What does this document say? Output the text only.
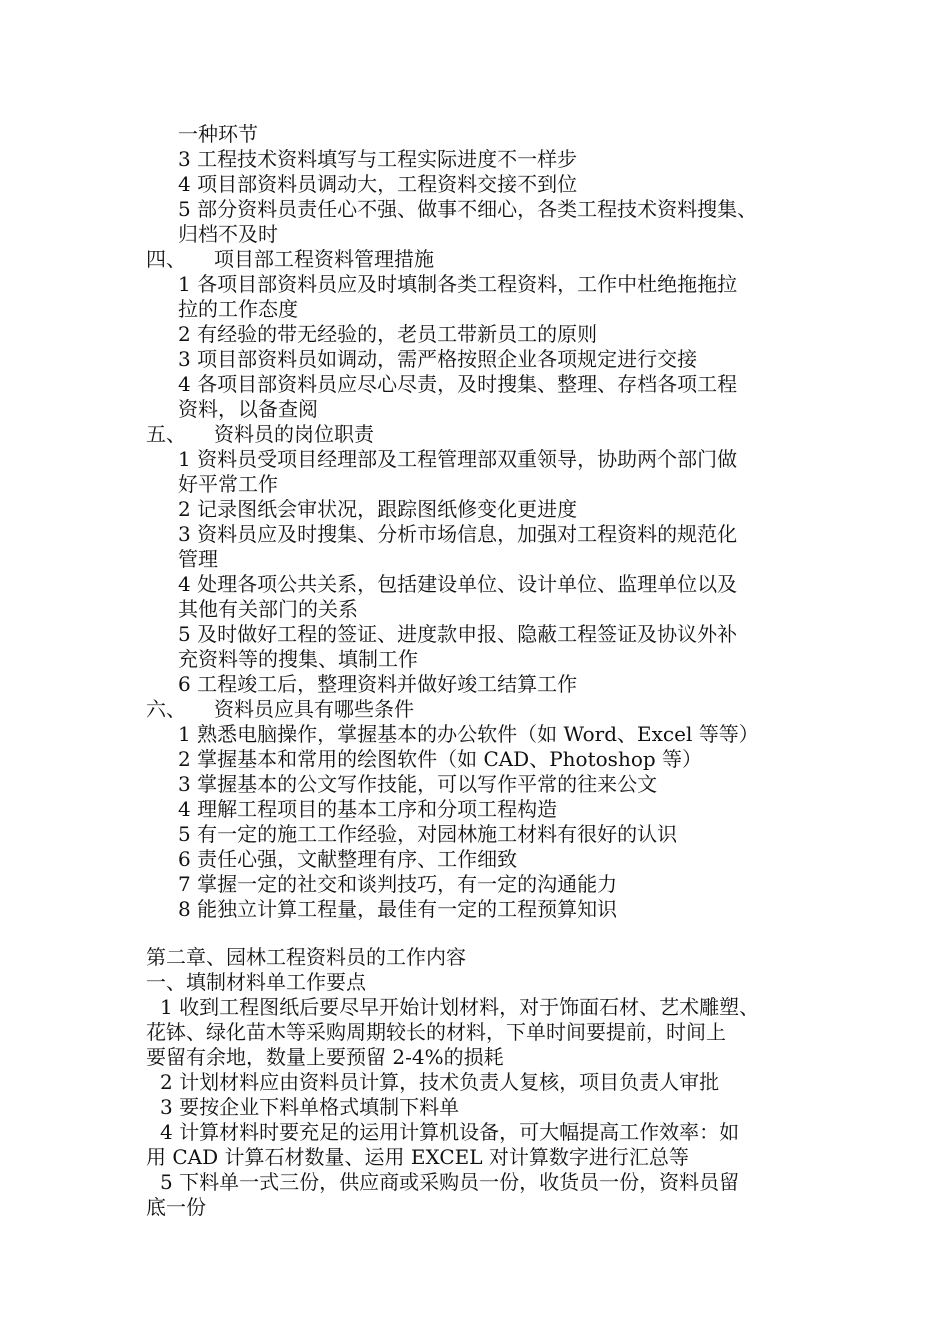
一种环节
3 工程技术资料填写与工程实际进度不一样步
4 项目部资料员调动大，工程资料交接不到位
5 部分资料员责任心不强、做事不细心，各类工程技术资料搜集、
归档不及时
四、 项目部工程资料管理措施
1 各项目部资料员应及时填制各类工程资料，工作中杜绝拖拖拉
拉的工作态度
2 有经验的带无经验的，老员工带新员工的原则
3 项目部资料员如调动，需严格按照企业各项规定进行交接
4 各项目部资料员应尽心尽责，及时搜集、整理、存档各项工程
资料，以备查阅
五、 资料员的岗位职责
1 资料员受项目经理部及工程管理部双重领导，协助两个部门做
好平常工作
2 记录图纸会审状况，跟踪图纸修变化更进度
3 资料员应及时搜集、分析市场信息，加强对工程资料的规范化
管理
4 处理各项公共关系，包括建设单位、设计单位、监理单位以及
其他有关部门的关系
5 及时做好工程的签证、进度款申报、隐蔽工程签证及协议外补
充资料等的搜集、填制工作
6 工程竣工后，整理资料并做好竣工结算工作
六、 资料员应具有哪些条件
1 熟悉电脑操作，掌握基本的办公软件（如 Word、Excel 等等）
2 掌握基本和常用的绘图软件（如 CAD、Photoshop 等）
3 掌握基本的公文写作技能，可以写作平常的往来公文
4 理解工程项目的基本工序和分项工程构造
5 有一定的施工工作经验，对园林施工材料有很好的认识
6 责任心强，文献整理有序、工作细致
7 掌握一定的社交和谈判技巧，有一定的沟通能力
8 能独立计算工程量，最佳有一定的工程预算知识
第二章、园林工程资料员的工作内容
一、填制材料单工作要点
1 收到工程图纸后要尽早开始计划材料，对于饰面石材、艺术雕塑、
花钵、绿化苗木等采购周期较长的材料，下单时间要提前，时间上
要留有余地，数量上要预留 2-4%的损耗
2 计划材料应由资料员计算，技术负责人复核，项目负责人审批
3 要按企业下料单格式填制下料单
4 计算材料时要充足的运用计算机设备，可大幅提高工作效率：如
用 CAD 计算石材数量、运用 EXCEL 对计算数字进行汇总等
5 下料单一式三份，供应商或采购员一份，收货员一份，资料员留
底一份
